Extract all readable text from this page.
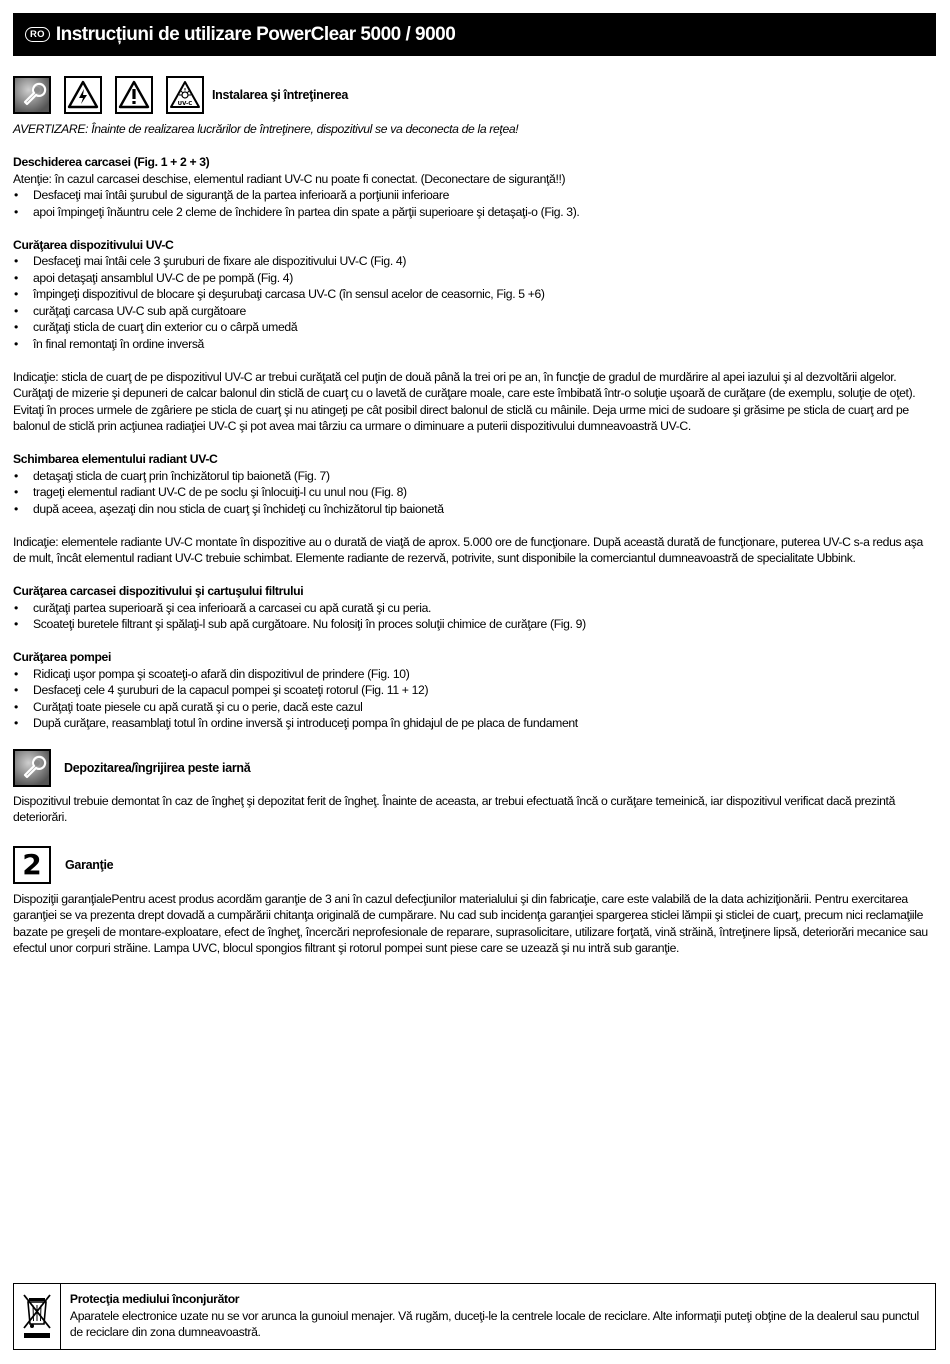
RO Instrucțiuni de utilizare PowerClear 5000 / 9000
UV-C
Instalarea şi întreţinerea

AVERTIZARE: Înainte de realizarea lucrărilor de întreţinere, dispozitivul se va deconecta de la reţea!

Deschiderea carcasei (Fig. 1 + 2 + 3)

Atenţie: în cazul carcasei deschise, elementul radiant UV-C nu poate fi conectat. (Deconectare de siguranţă!!)

• Desfaceţi mai întâi şurubul de siguranţă de la partea inferioară a porţiunii inferioare
• apoi împingeţi înăuntru cele 2 cleme de închidere în partea din spate a părţii superioare şi detaşaţi-o (Fig. 3).

Curăţarea dispozitivului UV-C

• Desfaceţi mai întâi cele 3 şuruburi de fixare ale dispozitivului UV-C (Fig. 4)
• apoi detaşaţi ansamblul UV-C de pe pompă (Fig. 4)
• împingeţi dispozitivul de blocare şi deşurubaţi carcasa UV-C (în sensul acelor de ceasornic, Fig. 5 +6)
• curăţaţi carcasa UV-C sub apă curgătoare
• curăţaţi sticla de cuarţ din exterior cu o cârpă umedă
• în final remontaţi în ordine inversă

Indicaţie: sticla de cuarţ de pe dispozitivul UV-C ar trebui curăţată cel puţin de două până la trei ori pe an, în funcţie de gradul de murdărire al apei iazului şi al dezvoltării algelor. Curăţaţi de mizerie şi depuneri de calcar balonul din sticlă de cuarţ cu o lavetă de curăţare moale, care este îmbibată într-o soluţie uşoară de curăţare (de exemplu, soluţie de oţet). Evitaţi în proces urmele de zgâriere pe sticla de cuarţ şi nu atingeţi pe cât posibil direct balonul de sticlă cu mâinile. Deja urme mici de sudoare şi grăsime pe sticla de cuarţ ard pe balonul de sticlă prin acţiunea radiaţiei UV-C şi pot avea mai târziu ca urmare o diminuare a puterii dispozitivului dumneavoastră UV-C.

Schimbarea elementului radiant UV-C

• detaşaţi sticla de cuarţ prin închizătorul tip baionetă (Fig. 7)
• trageţi elementul radiant UV-C de pe soclu şi înlocuiţi-l cu unul nou (Fig. 8)
• după aceea, aşezaţi din nou sticla de cuarţ şi închideţi cu închizătorul tip baionetă

Indicaţie: elementele radiante UV-C montate în dispozitive au o durată de viaţă de aprox. 5.000 ore de funcţionare. După această durată de funcţionare, puterea UV-C s-a redus aşa de mult, încât elementul radiant UV-C trebuie schimbat. Elemente radiante de rezervă, potrivite, sunt disponibile la comerciantul dumneavoastră de specialitate Ubbink.

Curăţarea carcasei dispozitivului şi cartuşului filtrului

• curăţaţi partea superioară şi cea inferioară a carcasei cu apă curată şi cu peria.
• Scoateţi buretele filtrant şi spălaţi-l sub apă curgătoare. Nu folosiţi în proces soluţii chimice de curăţare (Fig. 9)

Curăţarea pompei

• Ridicaţi uşor pompa şi scoateţi-o afară din dispozitivul de prindere (Fig. 10)
• Desfaceţi cele 4 şuruburi de la capacul pompei şi scoateţi rotorul (Fig. 11 + 12)
• Curăţaţi toate piesele cu apă curată şi cu o perie, dacă este cazul
• După curăţare, reasamblaţi totul în ordine inversă şi introduceţi pompa în ghidajul de pe placa de fundament
Depozitarea/îngrijirea peste iarnă

Dispozitivul trebuie demontat în caz de îngheţ şi depozitat ferit de îngheţ. Înainte de aceasta, ar trebui efectuată încă o curăţare temeinică, iar dispozitivul verificat dacă prezintă deteriorări.

2	Garanţie

Dispoziţii garanţialePentru acest produs acordăm garanţie de 3 ani în cazul defecţiunilor materialului şi din fabricaţie, care este valabilă de la data achiziţionării. Pentru exercitarea garanţiei se va prezenta drept dovadă a cumpărării chitanţa originală de cumpărare. Nu cad sub incidenţa garanţiei spargerea sticlei lămpii şi sticlei de cuarţ, precum nici reclamaţiile bazate pe greşeli de montare-exploatare, efect de îngheţ, încercări neprofesionale de reparare, suprasolicitare, utilizare forţată, vină străină, întreţinere lipsă, deteriorări mecanice sau efectul unor corpuri străine. Lampa UVC, blocul spongios filtrant şi rotorul pompei sunt piese care se uzează şi nu intră sub garanţie.

Protecţia mediului înconjurător

Aparatele electronice uzate nu se vor arunca la gunoiul menajer. Vă rugăm, duceţi-le la centrele locale de reciclare. Alte informaţii puteţi obţine de la dealerul sau punctul de reciclare din zona dumneavoastră.
